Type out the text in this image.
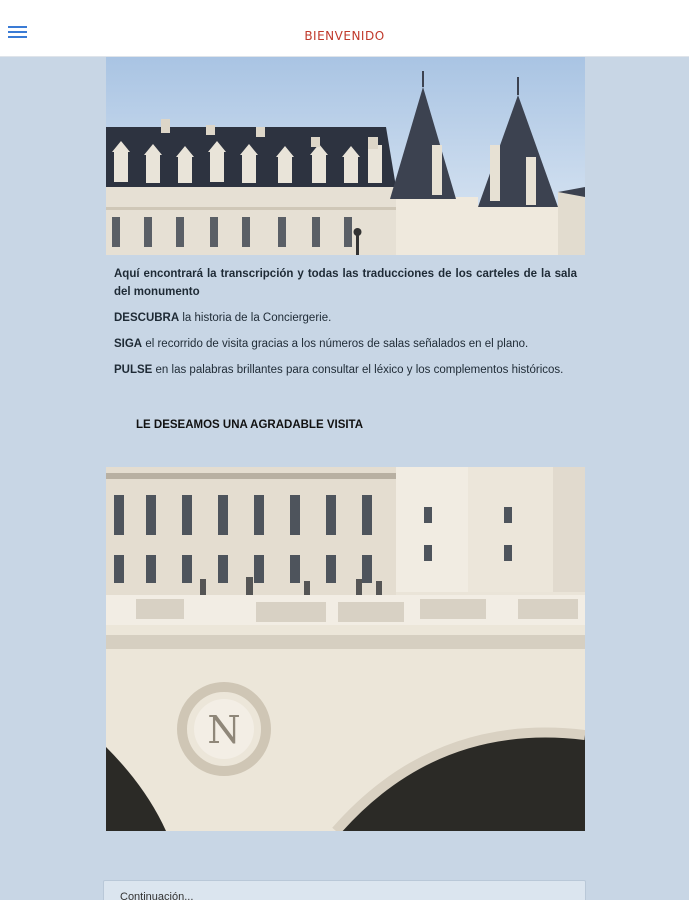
BIENVENIDO

Aquí encontrará la transcripción y todas las traducciones de los carteles de la sala del monumento

DESCUBRA la historia de la Conciergerie.

SIGA el recorrido de visita gracias a los números de salas señalados en el plano.

PULSE en las palabras brillantes para consultar el léxico y los complementos históricos.

LE DESEAMOS UNA AGRADABLE VISITA
N
Continuación...
